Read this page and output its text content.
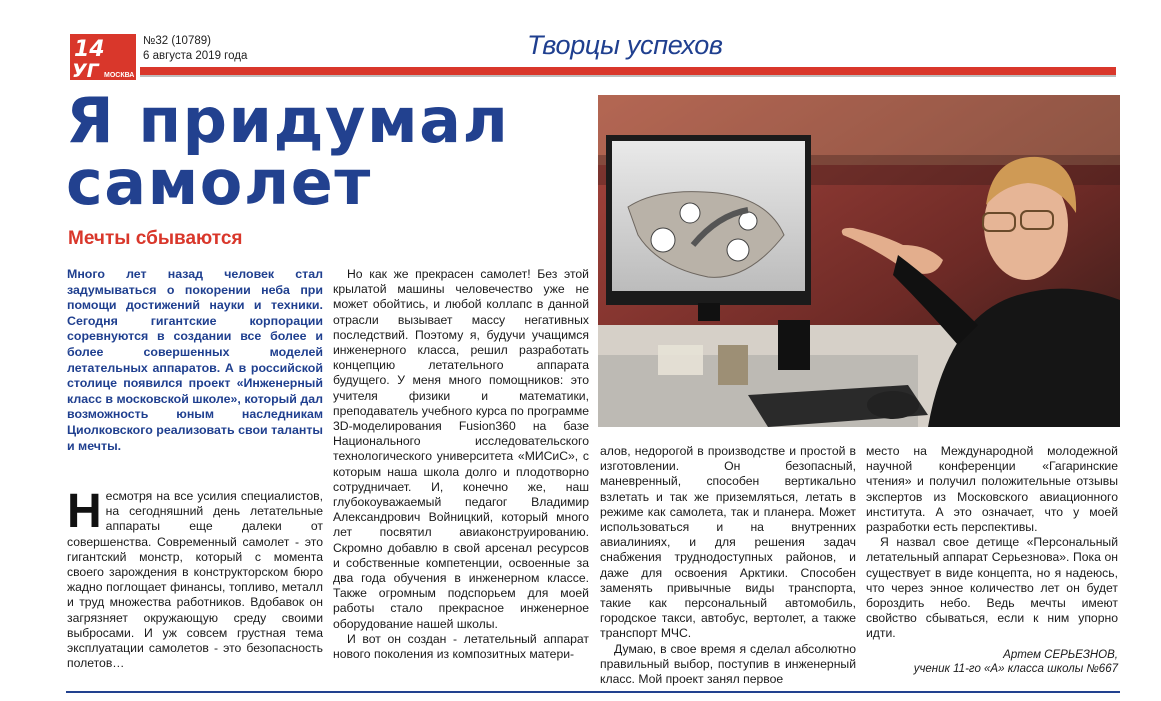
14
УГ МОСКВА
№32 (10789)
6 августа 2019 года	Творцы успехов
Я придумал
самолет
Мечты сбываются
Много лет назад человек стал задумываться о покорении неба при помощи достижений науки и техники. Сегодня гигантские корпорации соревнуются в создании все более и более совершенных моделей летательных аппаратов. А в российской столице появился проект «Инженерный класс в московской школе», который дал возможность юным наследникам Циолковского реализовать свои таланты и мечты.

Несмотря на все усилия специалистов, на сегодняшний день летательные аппараты еще далеки от совершенства. Современный самолет - это гигантский монстр, который с момента своего зарождения в конструкторском бюро жадно поглощает финансы, топливо, металл и труд множества работников. Вдобавок он загрязняет окружающую среду своими выбросами. И уж совсем грустная тема эксплуатации самолетов - это безопасность полетов…

Но как же прекрасен самолет! Без этой крылатой машины человечество уже не может обойтись, и любой коллапс в данной отрасли вызывает массу негативных последствий. Поэтому я, будучи учащимся инженерного класса, решил разработать концепцию летательного аппарата будущего. У меня много помощников: это учителя физики и математики, преподаватель учебного курса по программе 3D-моделирования Fusion360 на базе Национального исследовательского технологического университета «МИСиС», с которым наша школа долго и плодотворно сотрудничает. И, конечно же, наш глубокоуважаемый педагог Владимир Александрович Войницкий, который много лет посвятил авиаконструированию. Скромно добавлю в свой арсенал ресурсов и собственные компетенции, освоенные за два года обучения в инженерном классе. Также огромным подспорьем для моей работы стало прекрасное инженерное оборудование нашей школы.

И вот он создан - летательный аппарат нового поколения из композитных матери-

алов, недорогой в производстве и простой в изготовлении. Он безопасный, маневренный, способен вертикально взлетать и так же приземляться, летать в режиме как самолета, так и планера. Может использоваться и на внутренних авиалиниях, и для решения задач снабжения труднодоступных районов, и даже для освоения Арктики. Способен заменять привычные виды транспорта, такие как персональный автомобиль, городское такси, автобус, вертолет, а также транспорт МЧС.

Думаю, в свое время я сделал абсолютно правильный выбор, поступив в инженерный класс. Мой проект занял первое

место на Международной молодежной научной конференции «Гагаринские чтения» и получил положительные отзывы экспертов из Московского авиационного института. А это означает, что у моей разработки есть перспективы.

Я назвал свое детище «Персональный летательный аппарат Серьезнова». Пока он существует в виде концепта, но я надеюсь, что через энное количество лет он будет бороздить небо. Ведь мечты имеют свойство сбываться, если к ним упорно идти.

Артем СЕРЬЕЗНОВ,
ученик 11-го «А» класса школы №667
